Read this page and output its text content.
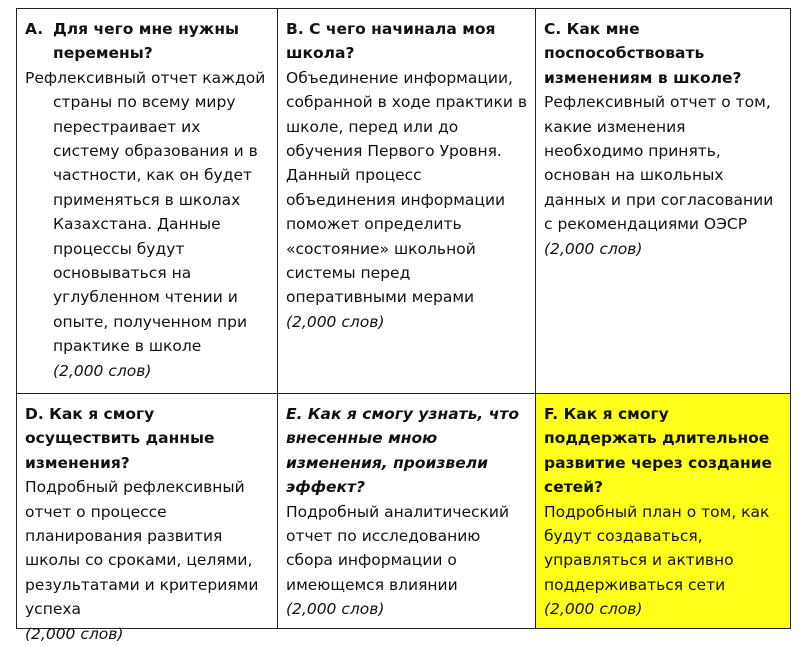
A. Для чего мне нужны перемены?

Рефлексивный отчет каждой страны по всему миру перестраивает их систему образования и в частности, как он будет применяться в школах Казахстана. Данные процессы будут основываться на углубленном чтении и опыте, полученном при практике в школе

(2,000 слов)

B. С чего начиналa моя школа?

Объединение информации, собранной в ходе практики в школе, перед или до обучения Первого Уровня. Данный процесс объединения информации поможет определить «состояние» школьной системы перед оперативными мерами

(2,000 слов)

C. Как мне поспособствовать изменениям в школе?

Рефлексивный отчет о том, какие изменения необходимо принять, основан на школьных данных и при согласовании с рекомендациями ОЭСР

(2,000 слов)

D. Как я смогу осуществить данные изменения?

Подробный рефлексивный отчет о процессе планирования развития школы со сроками, целями, результатами и критериями успеха

(2,000 слов)

E. Как я смогу узнать, что внесенные мною изменения, произвели эффект?

Подробный аналитический отчет по исследованию сбора информации о имеющемся влиянии

(2,000 слов)

F. Как я смогу поддержать длительное развитие через создание сетей?

Подробный план о том, как будут создаваться, управляться и активно поддерживаться сети

(2,000 слов)
